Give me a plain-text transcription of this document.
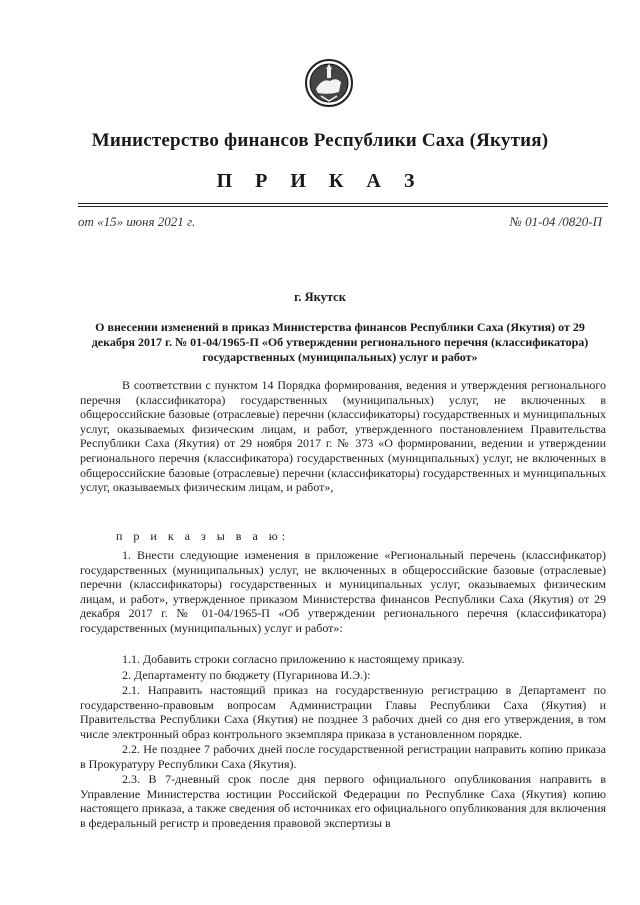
Министерство финансов Республики Саха (Якутия)
П Р И К А З
от «15» июня 2021 г.	№ 01-04 /0820-П
г. Якутск
О внесении изменений в приказ Министерства финансов Республики Саха (Якутия) от 29 декабря 2017 г. № 01-04/1965-П «Об утверждении регионального перечня (классификатора) государственных (муниципальных) услуг и работ»
В соответствии с пунктом 14 Порядка формирования, ведения и утверждения регионального перечня (классификатора) государственных (муниципальных) услуг, не включенных в общероссийские базовые (отраслевые) перечни (классификаторы) государственных и муниципальных услуг, оказываемых физическим лицам, и работ, утвержденного постановлением Правительства Республики Саха (Якутия) от 29 ноября 2017 г. № 373 «О формировании, ведении и утверждении регионального перечня (классификатора) государственных (муниципальных) услуг, не включенных в общероссийские базовые (отраслевые) перечни (классификаторы) государственных и муниципальных услуг, оказываемых физическим лицам, и работ»,
п р и к а з ы в а ю:
1. Внести следующие изменения в приложение «Региональный перечень (классификатор) государственных (муниципальных) услуг, не включенных в общероссийские базовые (отраслевые) перечни (классификаторы) государственных и муниципальных услуг, оказываемых физическим лицам, и работ», утвержденное приказом Министерства финансов Республики Саха (Якутия) от 29 декабря 2017 г. № 01-04/1965-П «Об утверждении регионального перечня (классификатора) государственных (муниципальных) услуг и работ»:
1.1. Добавить строки согласно приложению к настоящему приказу.
2. Департаменту по бюджету (Пугаринова И.Э.):
2.1. Направить настоящий приказ на государственную регистрацию в Департамент по государственно-правовым вопросам Администрации Главы Республики Саха (Якутия) и Правительства Республики Саха (Якутия) не позднее 3 рабочих дней со дня его утверждения, в том числе электронный образ контрольного экземпляра приказа в установленном порядке.
2.2. Не позднее 7 рабочих дней после государственной регистрации направить копию приказа в Прокуратуру Республики Саха (Якутия).
2.3. В 7-дневный срок после дня первого официального опубликования направить в Управление Министерства юстиции Российской Федерации по Республике Саха (Якутия) копию настоящего приказа, а также сведения об источниках его официального опубликования для включения в федеральный регистр и проведения правовой экспертизы в
